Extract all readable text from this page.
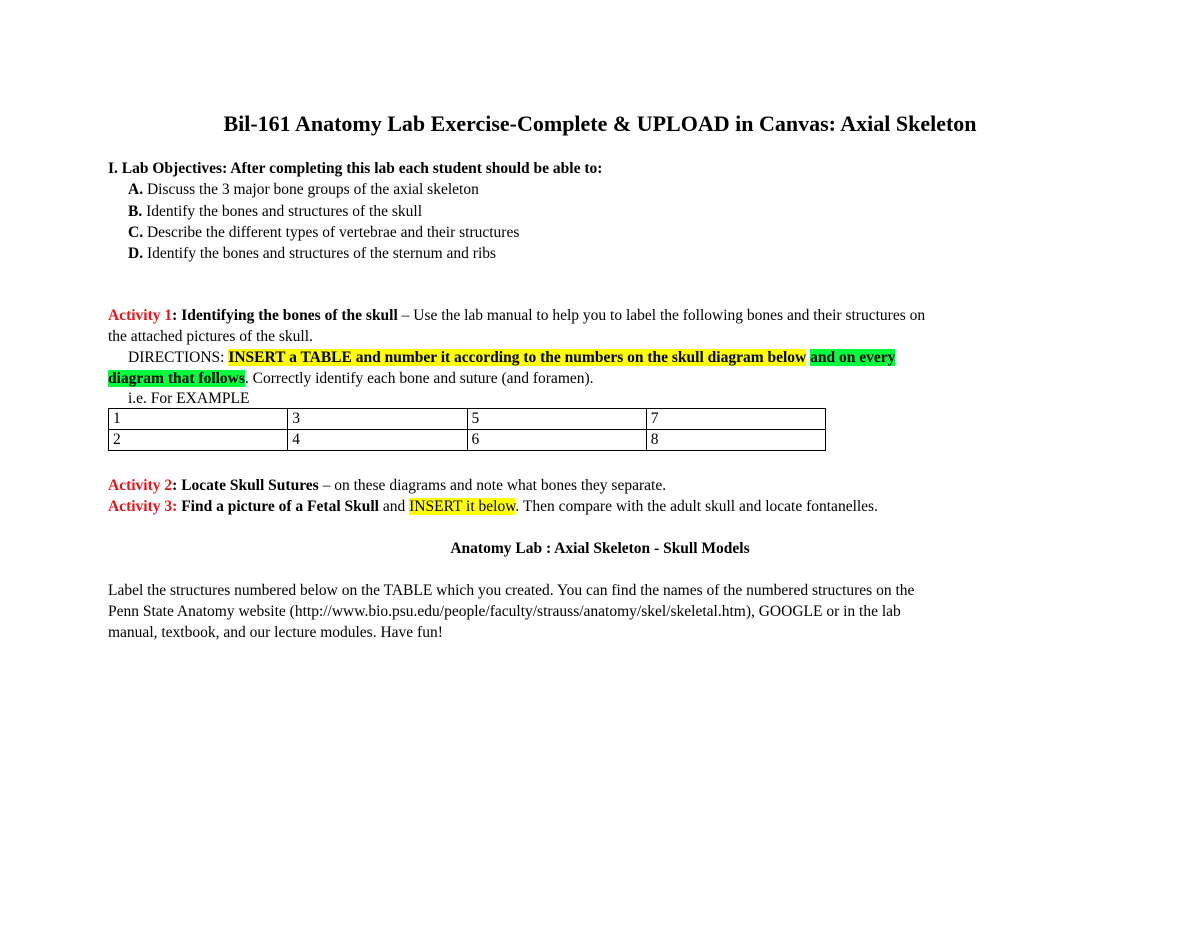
Bil-161 Anatomy Lab Exercise-Complete & UPLOAD in Canvas: Axial Skeleton
I. Lab Objectives: After completing this lab each student should be able to:
A. Discuss the 3 major bone groups of the axial skeleton
B. Identify the bones and structures of the skull
C. Describe the different types of vertebrae and their structures
D. Identify the bones and structures of the sternum and ribs
Activity 1: Identifying the bones of the skull – Use the lab manual to help you to label the following bones and their structures on
the attached pictures of the skull.
DIRECTIONS: INSERT a TABLE and number it according to the numbers on the skull diagram below and on every
diagram that follows. Correctly identify each bone and suture (and foramen).
i.e. For EXAMPLE
1	3	5	7
2	4	6	8
Activity 2: Locate Skull Sutures – on these diagrams and note what bones they separate.
Activity 3: Find a picture of a Fetal Skull and INSERT it below. Then compare with the adult skull and locate fontanelles.
Anatomy Lab : Axial Skeleton - Skull Models
Label the structures numbered below on the TABLE which you created. You can find the names of the numbered structures on the
Penn State Anatomy website (http://www.bio.psu.edu/people/faculty/strauss/anatomy/skel/skeletal.htm), GOOGLE or in the lab
manual, textbook, and our lecture modules. Have fun!
